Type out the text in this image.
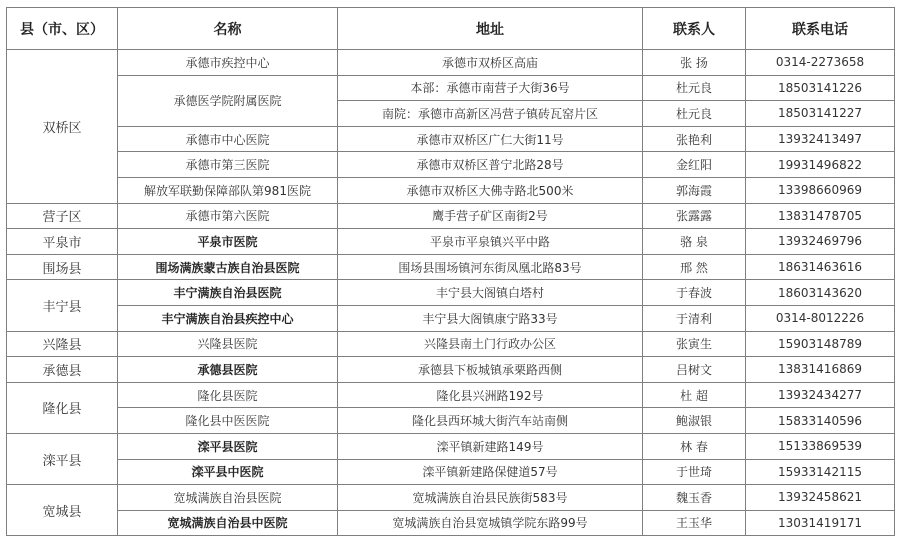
县（市、区）	名称	地址	联系人	联系电话
双桥区	承德市疾控中心	承德市双桥区高庙	张 扬	0314-2273658
	承德医学院附属医院	本部：承德市南营子大街36号	杜元良	18503141226
		南院：承德市高新区冯营子镇砖瓦窑片区	杜元良	18503141227
	承德市中心医院	承德市双桥区广仁大街11号	张艳利	13932413497
	承德市第三医院	承德市双桥区普宁北路28号	金红阳	19931496822
	解放军联勤保障部队第981医院	承德市双桥区大佛寺路北500米	郭海霞	13398660969
营子区	承德市第六医院	鹰手营子矿区南街2号	张露露	13831478705
平泉市	平泉市医院	平泉市平泉镇兴平中路	骆 泉	13932469796
围场县	围场满族蒙古族自治县医院	围场县围场镇河东街凤凰北路83号	邢 然	18631463616
丰宁县	丰宁满族自治县医院	丰宁县大阁镇白塔村	于春波	18603143620
	丰宁满族自治县疾控中心	丰宁县大阁镇康宁路33号	于清利	0314-8012226
兴隆县	兴隆县医院	兴隆县南土门行政办公区	张寅生	15903148789
承德县	承德县医院	承德县下板城镇承栗路西侧	吕树文	13831416869
隆化县	隆化县医院	隆化县兴洲路192号	杜 超	13932434277
	隆化县中医医院	隆化县西环城大街汽车站南侧	鲍淑银	15833140596
滦平县	滦平县医院	滦平镇新建路149号	林 春	15133869539
	滦平县中医院	滦平镇新建路保健道57号	于世琦	15933142115
宽城县	宽城满族自治县医院	宽城满族自治县民族街583号	魏玉香	13932458621
	宽城满族自治县中医院	宽城满族自治县宽城镇学院东路99号	王玉华	13031419171
